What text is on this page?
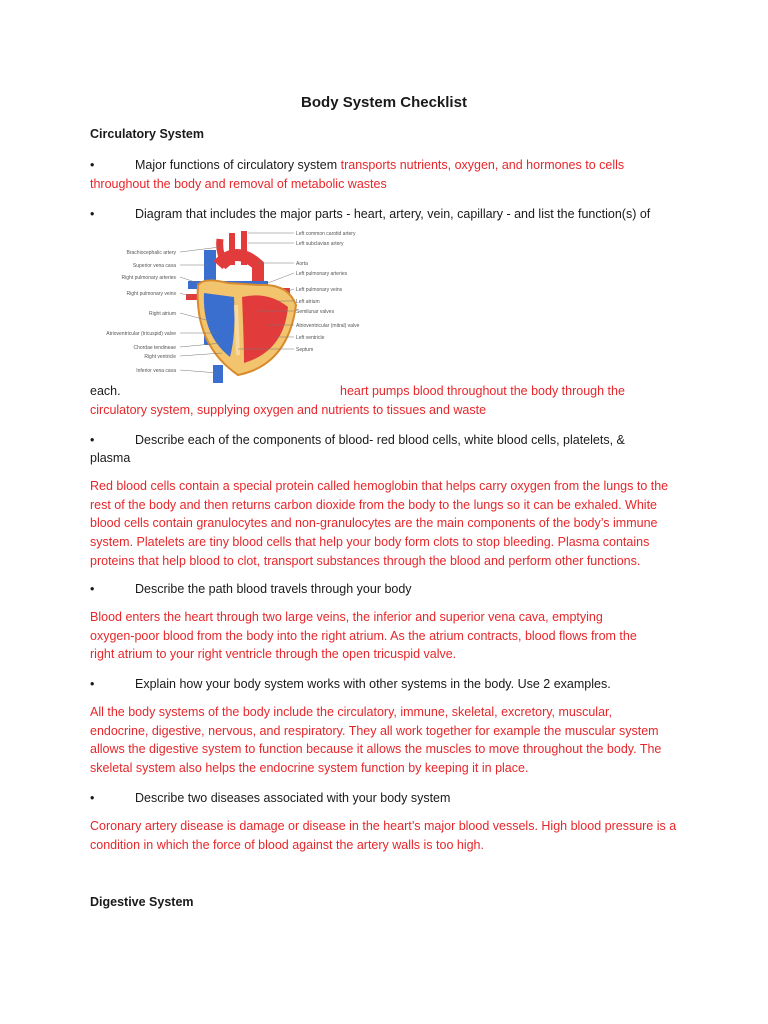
Body System Checklist
Circulatory System
•	Major functions of circulatory system transports nutrients, oxygen, and hormones to cells
throughout the body and removal of metabolic wastes
•	Diagram that includes the major parts - heart, artery, vein, capillary - and list the function(s) of
Brachiocephalic artery
Superior vena cava
Right pulmonary arteries
Right pulmonary veins
Right atrium
Atrioventricular (tricuspid) valve
Chordae tendineae
Right ventricle
Inferior vena cava
Left common carotid artery
Left subclavian artery
Aorta
Left pulmonary arteries
Left pulmonary veins
Left atrium
Semilunar valves
Atrioventricular (mitral) valve
Left ventricle
Septum
each.	heart pumps blood throughout the body through the
circulatory system, supplying oxygen and nutrients to tissues and waste
•	Describe each of the components of blood- red blood cells, white blood cells, platelets, &
plasma
Red blood cells contain a special protein called hemoglobin that helps carry oxygen from the lungs to the
rest of the body and then returns carbon dioxide from the body to the lungs so it can be exhaled. White
blood cells contain granulocytes and non-granulocytes are the main components of the body’s immune
system. Platelets are tiny blood cells that help your body form clots to stop bleeding. Plasma contains
proteins that help blood to clot, transport substances through the blood and perform other functions.
•	Describe the path blood travels through your body
Blood enters the heart through two large veins, the inferior and superior vena cava, emptying
oxygen-poor blood from the body into the right atrium. As the atrium contracts, blood flows from the
right atrium to your right ventricle through the open tricuspid valve.
•	Explain how your body system works with other systems in the body. Use 2 examples.
All the body systems of the body include the circulatory, immune, skeletal, excretory, muscular,
endocrine, digestive, nervous, and respiratory. They all work together for example the muscular system
allows the digestive system to function because it allows the muscles to move throughout the body. The
skeletal system also helps the endocrine system function by keeping it in place.
•	Describe two diseases associated with your body system
Coronary artery disease is damage or disease in the heart’s major blood vessels. High blood pressure is a
condition in which the force of blood against the artery walls is too high.
Digestive System
